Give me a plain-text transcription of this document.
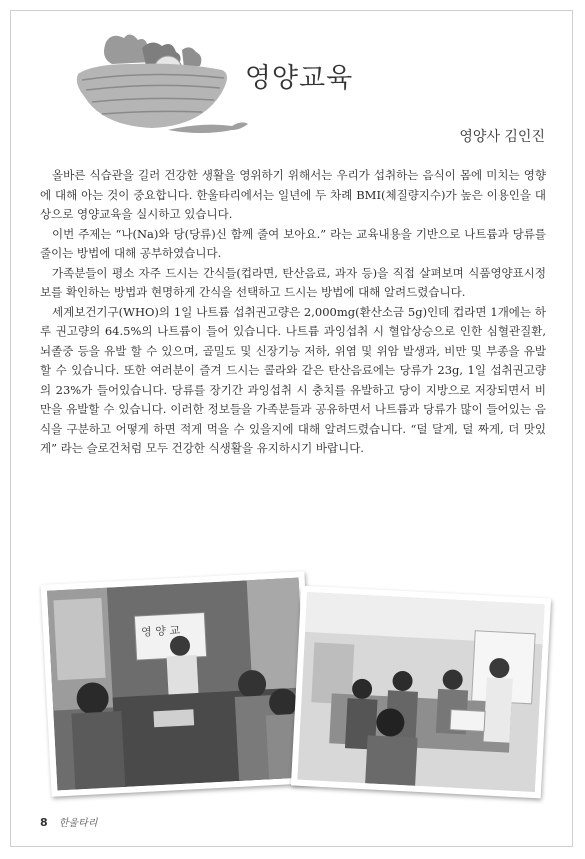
영양교육
영양사 김인진

올바른 식습관을 길러 건강한 생활을 영위하기 위해서는 우리가 섭취하는 음식이 몸에 미치는 영향에 대해 아는 것이 중요합니다. 한울타리에서는 일년에 두 차례 BMI(체질량지수)가 높은 이용인을 대상으로 영양교육을 실시하고 있습니다.

이번 주제는 “나(Na)와 당(당류)신 함께 줄여 보아요.” 라는 교육내용을 기반으로 나트륨과 당류를 줄이는 방법에 대해 공부하였습니다.

가족분들이 평소 자주 드시는 간식들(컵라면, 탄산음료, 과자 등)을 직접 살펴보며 식품영양표시정보를 확인하는 방법과 현명하게 간식을 선택하고 드시는 방법에 대해 알려드렸습니다.

세계보건기구(WHO)의 1일 나트륨 섭취권고량은 2,000mg(환산소금 5g)인데 컵라면 1개에는 하루 권고량의 64.5%의 나트륨이 들어 있습니다. 나트륨 과잉섭취 시 혈압상승으로 인한 심혈관질환, 뇌졸중 등을 유발 할 수 있으며, 골밀도 및 신장기능 저하, 위염 및 위암 발생과, 비만 및 부종을 유발 할 수 있습니다. 또한 여러분이 즐겨 드시는 콜라와 같은 탄산음료에는 당류가 23g, 1일 섭취권고량의 23%가 들어있습니다. 당류를 장기간 과잉섭취 시 충치를 유발하고 당이 지방으로 저장되면서 비만을 유발할 수 있습니다. 이러한 정보들을 가족분들과 공유하면서 나트륨과 당류가 많이 들어있는 음식을 구분하고 어떻게 하면 적게 먹을 수 있을지에 대해 알려드렸습니다. “덜 달게, 덜 짜게, 더 맛있게” 라는 슬로건처럼 모두 건강한 식생활을 유지하시기 바랍니다.

영 양 교
8 한울타리
